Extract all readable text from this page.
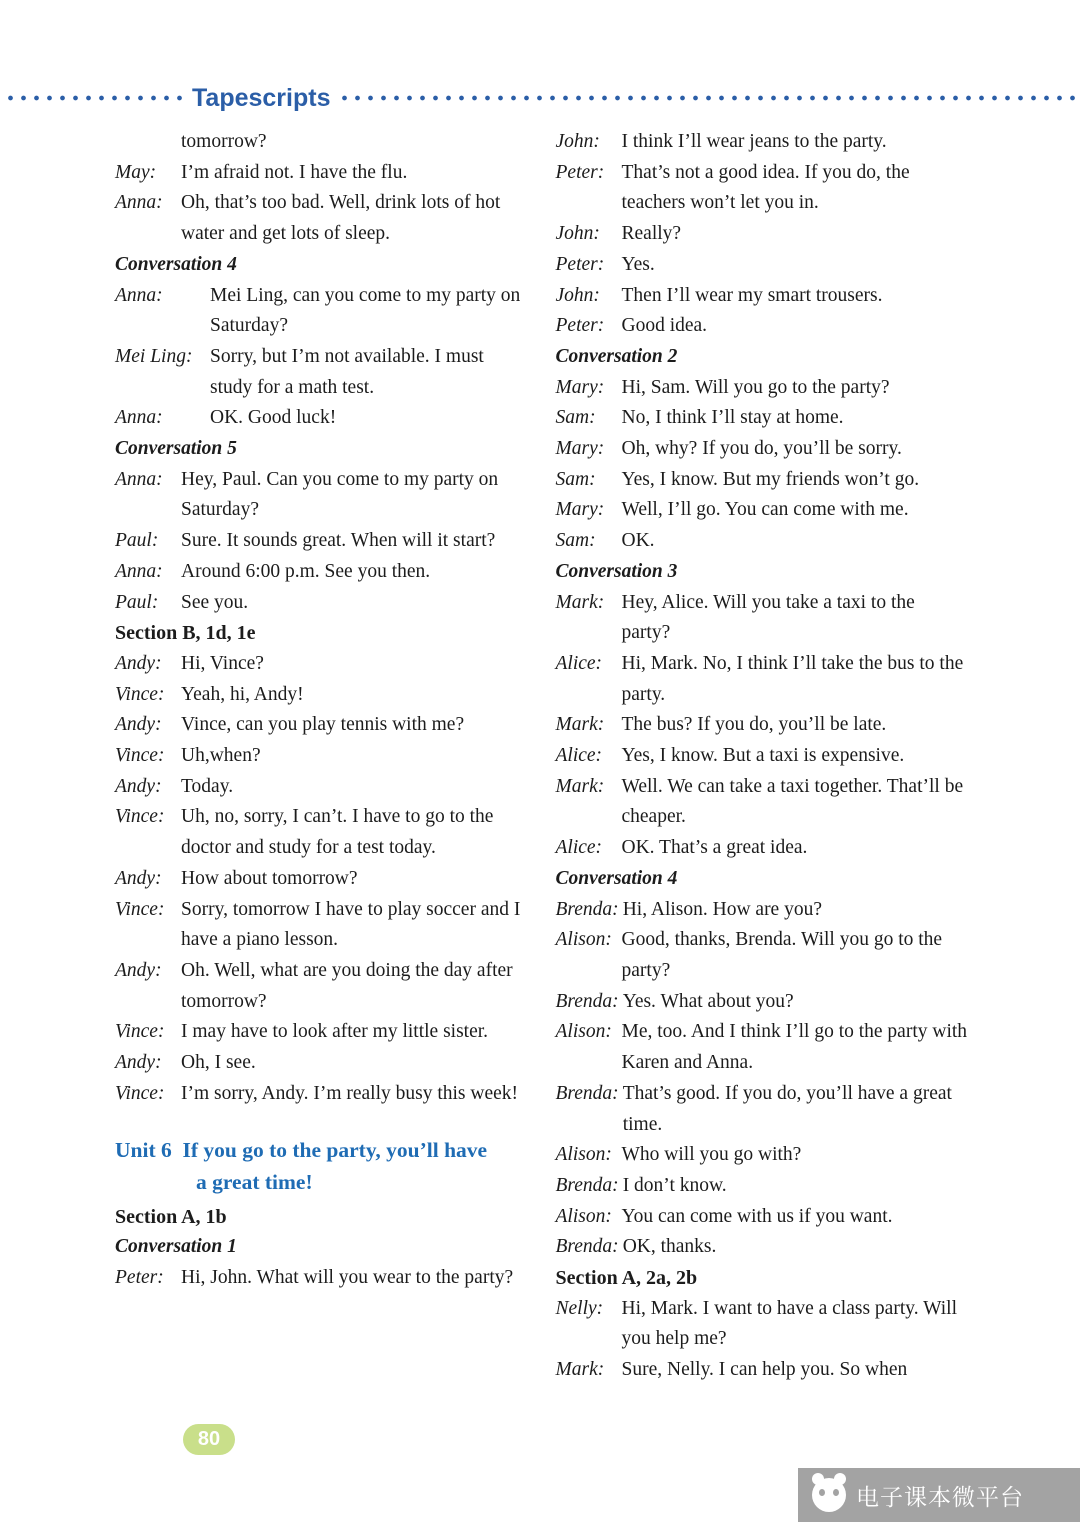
Tapescripts
tomorrow?
May:	I’m afraid not. I have the flu.
Anna: Oh, that’s too bad. Well, drink lots of hot water and get lots of sleep.
Conversation 4
Anna:	Mei Ling, can you come to my party on Saturday?
Mei Ling: Sorry, but I’m not available. I must study for a math test.
Anna:	OK. Good luck!
Conversation 5
Anna: Hey, Paul. Can you come to my party on Saturday?
Paul:	Sure. It sounds great. When will it start?
Anna: Around 6:00 p.m. See you then.
Paul:	See you.
Section B, 1d, 1e
Andy: Hi, Vince?
Vince: Yeah, hi, Andy!
Andy: Vince, can you play tennis with me?
Vince: Uh,when?
Andy: Today.
Vince: Uh, no, sorry, I can’t. I have to go to the doctor and study for a test today.
Andy: How about tomorrow?
Vince: Sorry, tomorrow I have to play soccer and I have a piano lesson.
Andy: Oh. Well, what are you doing the day after tomorrow?
Vince: I may have to look after my little sister.
Andy: Oh, I see.
Vince: I’m sorry, Andy. I’m really busy this week!
Unit 6  If you go to the party, you’ll have
a great time!
Section A, 1b
Conversation 1
Peter: Hi, John. What will you wear to the party?
John:	I think I’ll wear jeans to the party.
Peter: That’s not a good idea. If you do, the teachers won’t let you in.
John:	Really?
Peter: Yes.
John:	Then I’ll wear my smart trousers.
Peter: Good idea.
Conversation 2
Mary: Hi, Sam. Will you go to the party?
Sam:	No, I think I’ll stay at home.
Mary: Oh, why? If you do, you’ll be sorry.
Sam:	Yes, I know. But my friends won’t go.
Mary: Well, I’ll go. You can come with me.
Sam:	OK.
Conversation 3
Mark: Hey, Alice. Will you take a taxi to the party?
Alice: Hi, Mark. No, I think I’ll take the bus to the party.
Mark: The bus? If you do, you’ll be late.
Alice: Yes, I know. But a taxi is expensive.
Mark: Well. We can take a taxi together. That’ll be cheaper.
Alice: OK. That’s a great idea.
Conversation 4
Brenda: Hi, Alison. How are you?
Alison: Good, thanks, Brenda. Will you go to the party?
Brenda: Yes. What about you?
Alison: Me, too. And I think I’ll go to the party with Karen and Anna.
Brenda: That’s good. If you do, you’ll have a great time.
Alison: Who will you go with?
Brenda: I don’t know.
Alison: You can come with us if you want.
Brenda: OK, thanks.
Section A, 2a, 2b
Nelly: Hi, Mark. I want to have a class party. Will you help me?
Mark: Sure, Nelly. I can help you. So when
80
电子课本微平台
